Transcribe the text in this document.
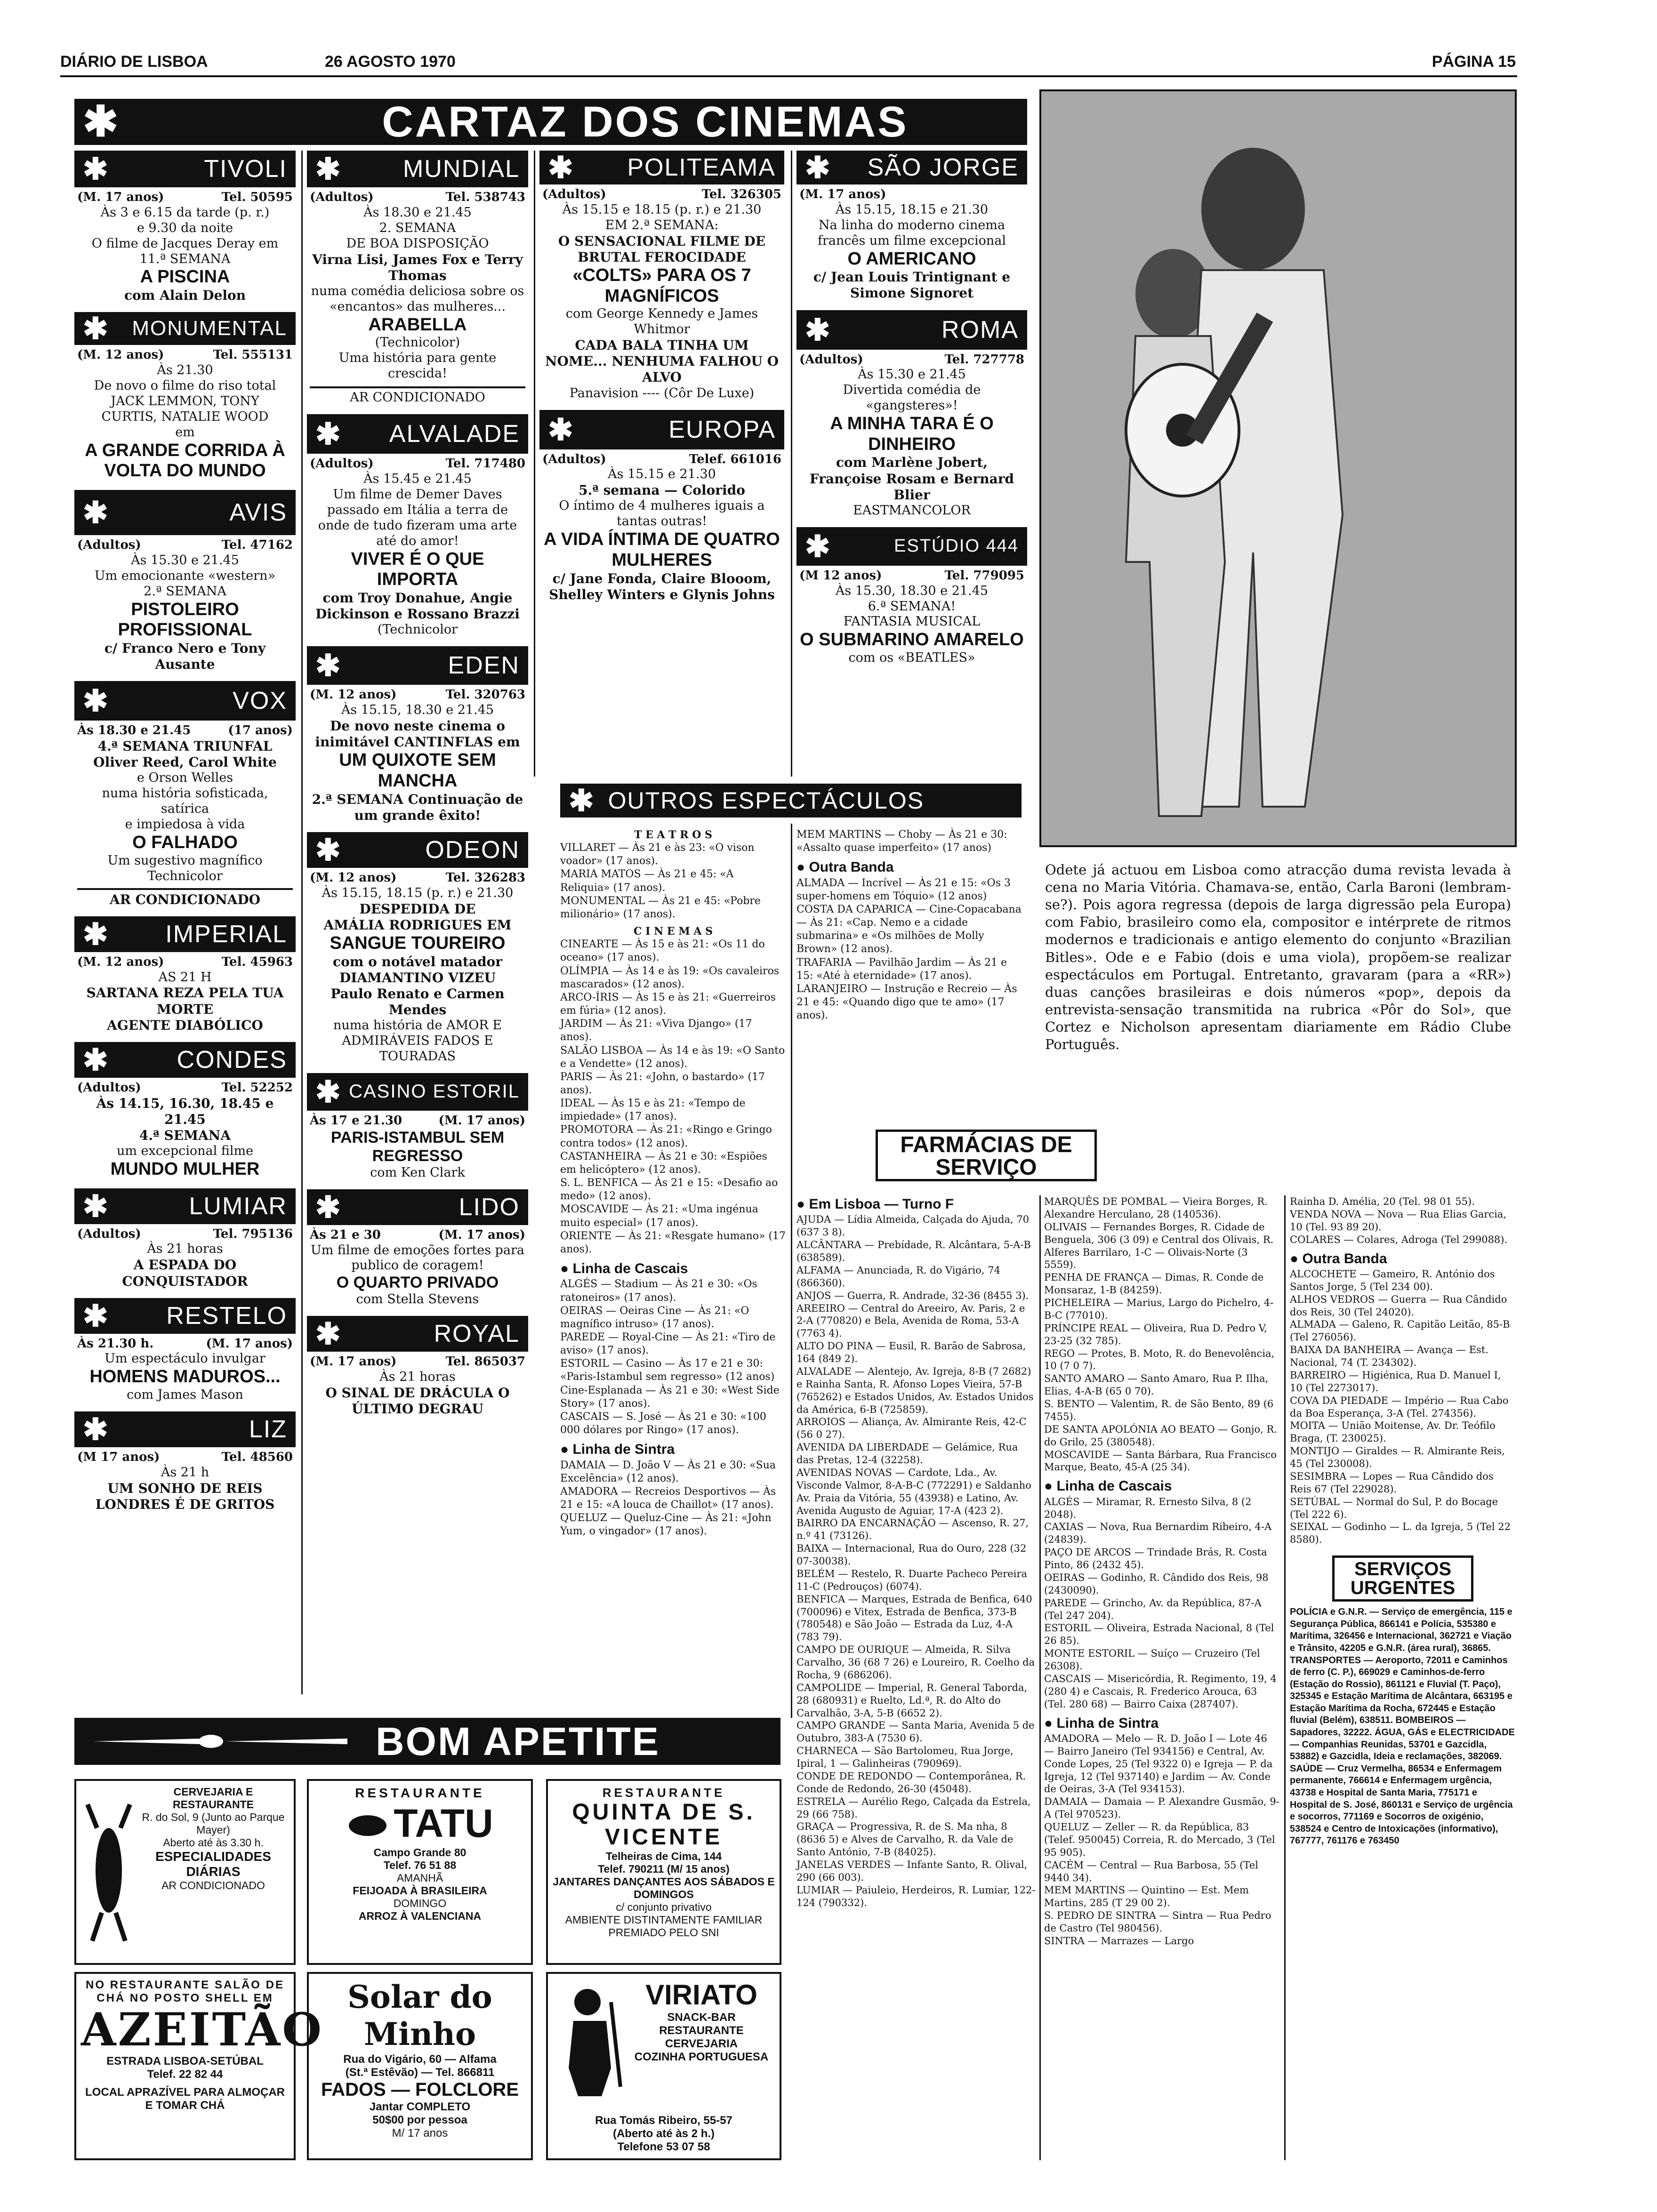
DIÁRIO DE LISBOA	26 AGOSTO 1970	PÁGINA 15
✱	CARTAZ DOS CINEMAS
✱	TIVOLI
(M. 17 anos)	Tel. 50595
Às 3 e 6.15 da tarde (p. r.)
e 9.30 da noite
O filme de Jacques Deray em
11.ª SEMANA
A PISCINA
com Alain Delon
✱ MONUMENTAL
(M. 12 anos)	Tel. 555131
Às 21.30
De novo o filme do riso total
JACK LEMMON, TONY
CURTIS, NATALIE WOOD
em
A GRANDE CORRIDA À VOLTA DO MUNDO
✱	AVIS
(Adultos)	Tel. 47162
Às 15.30 e 21.45
Um emocionante «western»
2.ª SEMANA
PISTOLEIRO PROFISSIONAL
c/ Franco Nero e Tony Ausante
✱	VOX
Às 18.30 e 21.45	(17 anos)
4.ª SEMANA TRIUNFAL
Oliver Reed, Carol White
e Orson Welles
numa história sofisticada, satírica
e impiedosa à vida
O FALHADO
Um sugestivo magnífico Technicolor
AR CONDICIONADO
✱ IMPERIAL
(M. 12 anos)	Tel. 45963
AS 21 H
SARTANA REZA PELA TUA MORTE
AGENTE DIABÓLICO
✱	CONDES
(Adultos)	Tel. 52252
Às 14.15, 16.30, 18.45 e 21.45
4.ª SEMANA
um excepcional filme
MUNDO MULHER
✱	LUMIAR
(Adultos)	Tel. 795136
Às 21 horas
A ESPADA DO CONQUISTADOR
✱ RESTELO
Às 21.30 h.	(M. 17 anos)
Um espectáculo invulgar
HOMENS MADUROS...
com James Mason
✱	LIZ
(M 17 anos)	Tel. 48560
Às 21 h
UM SONHO DE REIS LONDRES É DE GRITOS
✱	MUNDIAL
(Adultos)	Tel. 538743
Às 18.30 e 21.45
2. SEMANA
DE BOA DISPOSIÇÃO
Virna Lisi, James Fox e Terry Thomas
numa comédia deliciosa sobre os «encantos» das mulheres...
ARABELLA
(Technicolor)
Uma história para gente crescida!
AR CONDICIONADO
✱ ALVALADE
(Adultos)	Tel. 717480
Às 15.45 e 21.45
Um filme de Demer Daves passado em Itália a terra de onde de tudo fizeram uma arte até do amor!
VIVER É O QUE IMPORTA
com Troy Donahue, Angie Dickinson e Rossano Brazzi
(Technicolor
✱	EDEN
(M. 12 anos)	Tel. 320763
Às 15.15, 18.30 e 21.45
De novo neste cinema o inimitável CANTINFLAS em
UM QUIXOTE SEM MANCHA
2.ª SEMANA Continuação de um grande êxito!
✱	ODEON
(M. 12 anos)	Tel. 326283
Às 15.15, 18.15 (p. r.) e 21.30
DESPEDIDA DE
AMÁLIA RODRIGUES EM
SANGUE TOUREIRO
com o notável matador DIAMANTINO VIZEU
Paulo Renato e Carmen Mendes
numa história de AMOR E ADMIRÁVEIS FADOS E TOURADAS
✱ CASINO ESTORIL
Às 17 e 21.30	(M. 17 anos)
PARIS-ISTAMBUL SEM REGRESSO
com Ken Clark
✱	LIDO
Às 21 e 30	(M. 17 anos)
Um filme de emoções fortes para publico de coragem!
O QUARTO PRIVADO
com Stella Stevens
✱	ROYAL
(M. 17 anos)	Tel. 865037
Às 21 horas
O SINAL DE DRÁCULA O ÚLTIMO DEGRAU
✱ POLITEAMA
(Adultos)	Tel. 326305
Às 15.15 e 18.15 (p. r.) e 21.30
EM 2.ª SEMANA:
O SENSACIONAL FILME DE BRUTAL FEROCIDADE
«COLTS» PARA OS 7 MAGNÍFICOS
com George Kennedy e James Whitmor
CADA BALA TINHA UM NOME... NENHUMA FALHOU O ALVO
Panavision ---- (Côr De Luxe)
✱	EUROPA
(Adultos)	Telef. 661016
Às 15.15 e 21.30
5.ª semana — Colorido
O íntimo de 4 mulheres iguais a tantas outras!
A VIDA ÍNTIMA DE QUATRO MULHERES
c/ Jane Fonda, Claire Blooom, Shelley Winters e Glynis Johns
✱ SÃO JORGE
(M. 17 anos)
Às 15.15, 18.15 e 21.30
Na linha do moderno cinema francês um filme excepcional
O AMERICANO
c/ Jean Louis Trintignant e Simone Signoret
✱	ROMA
(Adultos)	Tel. 727778
Às 15.30 e 21.45
Divertida comédia de «gangsteres»!
A MINHA TARA É O DINHEIRO
com Marlène Jobert, Françoise Rosam e Bernard Blier
EASTMANCOLOR
✱	ESTÚDIO 444
(M 12 anos)	Tel. 779095
Às 15.30, 18.30 e 21.45
6.ª SEMANA!
FANTASIA MUSICAL
O SUBMARINO AMARELO
com os «BEATLES»
Odete já actuou em Lisboa como atracção duma revista levada à cena no Maria Vitória. Chamava-se, então, Carla Baroni (lembram-se?). Pois agora regressa (depois de larga digressão pela Europa) com Fabio, brasileiro como ela, compositor e intérprete de ritmos modernos e tradicionais e antigo elemento do conjunto «Brazilian Bitles». Ode e e Fabio (dois e uma viola), propõem-se realizar espectáculos em Portugal. Entretanto, gravaram (para a «RR») duas canções brasileiras e dois números «pop», depois da entrevista-sensação transmitida na rubrica «Pôr do Sol», que Cortez e Nicholson apresentam diariamente em Rádio Clube Português.
✱ OUTROS ESPECTÁCULOS
T E A T R O S
VILLARET — Às 21 e às 23: «O vison voador» (17 anos).
MARIA MATOS — Às 21 e 45: «A Reliquia» (17 anos).
MONUMENTAL — Às 21 e 45: «Pobre milionário» (17 anos).
C I N E M A S
CINEARTE — Às 15 e às 21: «Os 11 do oceano» (17 anos).
OLÍMPIA — Às 14 e às 19: «Os cavaleiros mascarados» (12 anos).
ARCO-ÍRIS — Às 15 e às 21: «Guerreiros em fúria» (12 anos).
JARDIM — Às 21: «Viva Django» (17 anos).
SALÃO LISBOA — Às 14 e às 19: «O Santo e a Vendette» (12 anos).
PARIS — Às 21: «John, o bastardo» (17 anos).
IDEAL — Às 15 e às 21: «Tempo de impiedade» (17 anos).
PROMOTORA — Às 21: «Ringo e Gringo contra todos» (12 anos).
CASTANHEIRA — Às 21 e 30: «Espiões em helicóptero» (12 anos).
S. L. BENFICA — Às 21 e 15: «Desafio ao medo» (12 anos).
MOSCAVIDE — Às 21: «Uma ingénua muito especial» (17 anos).
ORIENTE — Às 21: «Resgate humano» (17 anos).
● Linha de Cascais
ALGÉS — Stadium — Às 21 e 30: «Os ratoneiros» (17 anos).
OEIRAS — Oeiras Cine — Às 21: «O magnífico intruso» (17 anos).
PAREDE — Royal-Cine — Às 21: «Tiro de aviso» (17 anos).
ESTORIL — Casino — Às 17 e 21 e 30: «Paris-Istambul sem regresso» (12 anos) Cine-Esplanada — Às 21 e 30: «West Side Story» (17 anos).
CASCAIS — S. José — Às 21 e 30: «100 000 dólares por Ringo» (17 anos).
● Linha de Sintra
DAMAIA — D. João V — Às 21 e 30: «Sua Excelência» (12 anos).
AMADORA — Recreios Desportivos — Às 21 e 15: «A louca de Chaillot» (17 anos).
QUELUZ — Queluz-Cine — Às 21: «John Yum, o vingador» (17 anos).
MEM MARTINS — Choby — Às 21 e 30: «Assalto quase imperfeito» (17 anos)
● Outra Banda
ALMADA — Incrível — Às 21 e 15: «Os 3 super-homens em Tóquio» (12 anos)
COSTA DA CAPARICA — Cine-Copacabana — Às 21: «Cap. Nemo e a cidade submarina» e «Os milhões de Molly Brown» (12 anos).
TRAFARIA — Pavilhão Jardim — Às 21 e 15: «Até à eternidade» (17 anos).
LARANJEIRO — Instrução e Recreio — Às 21 e 45: «Quando digo que te amo» (17 anos).
FARMÁCIAS DE SERVIÇO
● Em Lisboa — Turno F
AJUDA — Lídia Almeida, Calçada do Ajuda, 70 (637 3 8).
ALCÂNTARA — Prebídade, R. Alcântara, 5-A-B (638589).
ALFAMA — Anunciada, R. do Vigário, 74 (866360).
ANJOS — Guerra, R. Andrade, 32-36 (8455 3).
AREEIRO — Central do Areeiro, Av. Paris, 2 e 2-A (770820) e Bela, Avenida de Roma, 53-A (7763 4).
ALTO DO PINA — Eusil, R. Barão de Sabrosa, 164 (849 2).
ALVALADE — Alentejo, Av. Igreja, 8-B (7 2682) e Rainha Santa, R. Afonso Lopes Vieira, 57-B (765262) e Estados Unidos, Av. Estados Unidos da América, 6-B (725859).
ARROIOS — Aliança, Av. Almirante Reis, 42-C (56 0 27).
AVENIDA DA LIBERDADE — Gelámice, Rua das Pretas, 12-4 (32258).
AVENIDAS NOVAS — Cardote, Lda., Av. Visconde Valmor, 8-A-B-C (772291) e Saldanho Av. Praia da Vitória, 55 (43938) e Latino, Av. Avenida Augusto de Aguiar, 17-A (423 2).
BAIRRO DA ENCARNAÇÃO — Ascenso, R. 27, n.º 41 (73126).
BAIXA — Internacional, Rua do Ouro, 228 (32 07-30038).
BELÉM — Restelo, R. Duarte Pacheco Pereira 11-C (Pedrouços) (6074).
BENFICA — Marques, Estrada de Benfica, 640 (700096) e Vitex, Estrada de Benfica, 373-B (780548) e São João — Estrada da Luz, 4-A (783 79).
CAMPO DE OURIQUE — Almeida, R. Silva Carvalho, 36 (68 7 26) e Loureiro, R. Coelho da Rocha, 9 (686206).
CAMPOLIDE — Imperial, R. General Taborda, 28 (680931) e Ruelto, Ld.ª, R. do Alto do Carvalhão, 3-A, 5-B (6652 2).
CAMPO GRANDE — Santa Maria, Avenida 5 de Outubro, 383-A (7530 6).
CHARNECA — São Bartolomeu, Rua Jorge, Ipiral, 1 — Galinheiras (790969).
CONDE DE REDONDO — Contemporânea, R. Conde de Redondo, 26-30 (45048).
ESTRELA — Aurélio Rego, Calçada da Estrela, 29 (66 758).
GRAÇA — Progressiva, R. de S. Ma nha, 8 (8636 5) e Alves de Carvalho, R. da Vale de Santo António, 7-B (84025).
JANELAS VERDES — Infante Santo, R. Olival, 290 (66 003).
LUMIAR — Paiuleio, Herdeiros, R. Lumiar, 122-124 (790332).
MARQUÊS DE POMBAL — Vieira Borges, R. Alexandre Herculano, 28 (140536).
OLIVAIS — Fernandes Borges, R. Cidade de Benguela, 306 (3 09) e Central dos Olivais, R. Alferes Barrilaro, 1-C — Olivais-Norte (3 5559).
PENHA DE FRANÇA — Dimas, R. Conde de Monsaraz, 1-B (84259).
PICHELEIRA — Marius, Largo do Pichelro, 4-B-C (77010).
PRÍNCIPE REAL — Oliveira, Rua D. Pedro V, 23-25 (32 785).
REGO — Protes, B. Moto, R. do Benevolência, 10 (7 0 7).
SANTO AMARO — Santo Amaro, Rua P. Ilha, Elias, 4-A-B (65 0 70).
S. BENTO — Valentim, R. de São Bento, 89 (6 7455).
DE SANTA APOLÓNIA AO BEATO — Gonjo, R. do Grilo, 25 (380548).
MOSCAVIDE — Santa Bárbara, Rua Francisco Marque, Beato, 45-A (25 34).
● Linha de Cascais
ALGÉS — Miramar, R. Ernesto Silva, 8 (2 2048).
CAXIAS — Nova, Rua Bernardim Ribeiro, 4-A (24839).
PAÇO DE ARCOS — Trindade Brás, R. Costa Pinto, 86 (2432 45).
OEIRAS — Godinho, R. Cândido dos Reis, 98 (2430090).
PAREDE — Grincho, Av. da República, 87-A (Tel 247 204).
ESTORIL — Oliveira, Estrada Nacional, 8 (Tel 26 85).
MONTE ESTORIL — Suíço — Cruzeiro (Tel 26308).
CASCAIS — Misericórdia, R. Regimento, 19, 4 (280 4) e Cascais, R. Frederico Arouca, 63 (Tel. 280 68) — Bairro Caixa (287407).
● Linha de Sintra
AMADORA — Melo — R. D. João I — Lote 46 — Bairro Janeiro (Tel 934156) e Central, Av. Conde Lopes, 25 (Tel 9322 0) e Igreja — P. da Igreja, 12 (Tel 937140) e Jardim — Av. Conde de Oeiras, 3-A (Tel 934153).
DAMAIA — Damaia — P. Alexandre Gusmão, 9-A (Tel 970523).
QUELUZ — Zeller — R. da República, 83 (Telef. 950045) Correia, R. do Mercado, 3 (Tel 95 905).
CACÉM — Central — Rua Barbosa, 55 (Tel 9440 34).
MEM MARTINS — Quintino — Est. Mem Martins, 285 (T 29 00 2).
S. PEDRO DE SINTRA — Sintra — Rua Pedro de Castro (Tel 980456).
SINTRA — Marrazes — Largo
Rainha D. Amélia, 20 (Tel. 98 01 55).
VENDA NOVA — Nova — Rua Elias Garcia, 10 (Tel. 93 89 20).
COLARES — Colares, Adroga (Tel 299088).
● Outra Banda
ALCOCHETE — Gameiro, R. António dos Santos Jorge, 5 (Tel 234 00).
ALHOS VEDROS — Guerra — Rua Cândido dos Reis, 30 (Tel 24020).
ALMADA — Galeno, R. Capitão Leitão, 85-B (Tel 276056).
BAIXA DA BANHEIRA — Avança — Est. Nacional, 74 (T. 234302).
BARREIRO — Higiénica, Rua D. Manuel I, 10 (Tel 2273017).
COVA DA PIEDADE — Império — Rua Cabo da Boa Esperança, 3-A (Tel. 274356).
MOITA — União Moitense, Av. Dr. Teófilo Braga, (T. 230025).
MONTIJO — Giraldes — R. Almirante Reis, 45 (Tel 230008).
SESIMBRA — Lopes — Rua Cândido dos Reis 67 (Tel 229028).
SETÚBAL — Normal do Sul, P. do Bocage (Tel 222 6).
SEIXAL — Godinho — L. da Igreja, 5 (Tel 22 8580).
SERVIÇOS URGENTES
POLÍCIA e G.N.R. — Serviço de emergência, 115 e Segurança Pública, 866141 e Polícia, 535380 e Marítima, 326456 e Internacional, 362721 e Viação e Trânsito, 42205 e G.N.R. (área rural), 36865. TRANSPORTES — Aeroporto, 72011 e Caminhos de ferro (C. P.), 669029 e Caminhos-de-ferro (Estação do Rossio), 861121 e Fluvial (T. Paço), 325345 e Estação Marítima de Alcântara, 663195 e Estação Marítima da Rocha, 672445 e Estação fluvial (Belém), 638511. BOMBEIROS — Sapadores, 32222. ÁGUA, GÁS e ELECTRICIDADE — Companhias Reunidas, 53701 e Gazcidla, 53882) e Gazcidla, Ideia e reclamações, 382069. SAÚDE — Cruz Vermelha, 86534 e Enfermagem permanente, 766614 e Enfermagem urgência, 43738 e Hospital de Santa Maria, 775171 e Hospital de S. José, 860131 e Serviço de urgência e socorros, 771169 e Socorros de oxigénio, 538524 e Centro de Intoxicações (informativo), 767777, 761176 e 763450
BOM APETITE
CERVEJARIA E RESTAURANTE
R. do Sol, 9 (Junto ao Parque Mayer)
Aberto até às 3.30 h.
ESPECIALIDADES DIÁRIAS
AR CONDICIONADO
RESTAURANTE
TATU
Campo Grande 80
Telef. 76 51 88
AMANHÃ
FEIJOADA À BRASILEIRA
DOMINGO
ARROZ À VALENCIANA
RESTAURANTE
QUINTA DE S. VICENTE
Telheiras de Cima, 144
Telef. 790211 (M/ 15 anos)
JANTARES DANÇANTES AOS SÁBADOS E DOMINGOS
c/ conjunto privativo
AMBIENTE DISTINTAMENTE FAMILIAR
PREMIADO PELO SNI
NO RESTAURANTE SALÃO DE CHÁ NO POSTO SHELL EM
AZEITÃO
ESTRADA LISBOA-SETÚBAL
Telef. 22 82 44
LOCAL APRAZÍVEL PARA ALMOÇAR E TOMAR CHÁ
Solar do Minho
Rua do Vigário, 60 — Alfama
(St.ª Estêvão) — Tel. 866811
FADOS — FOLCLORE
Jantar COMPLETO
50$00 por pessoa
M/ 17 anos
VIRIATO
SNACK-BAR
RESTAURANTE
CERVEJARIA
COZINHA PORTUGUESA
Rua Tomás Ribeiro, 55-57
(Aberto até às 2 h.)
Telefone 53 07 58
